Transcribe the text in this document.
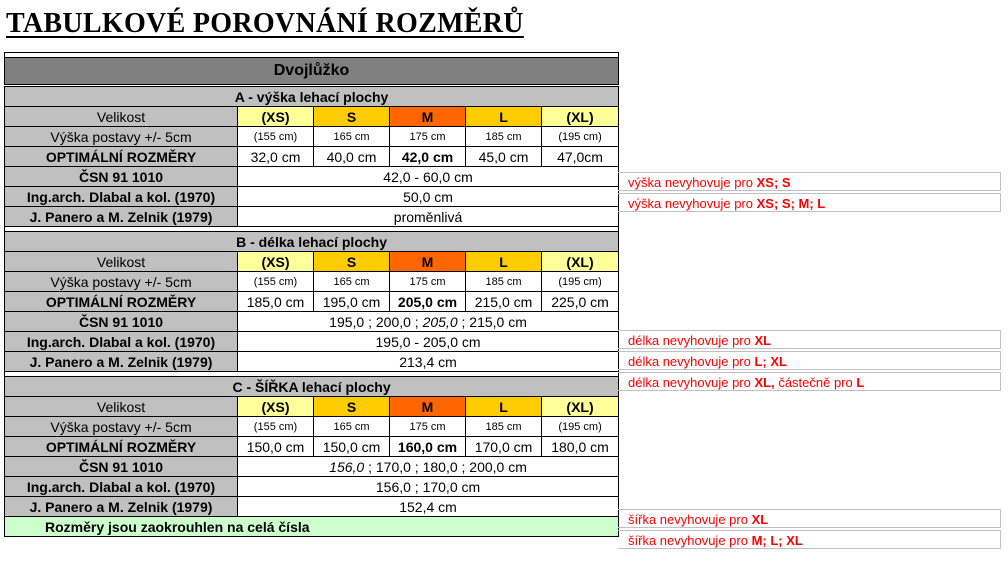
TABULKOVÉ POROVNÁNÍ ROZMĚRŮ

Dvojlůžko					
A - výška lehací plochy					
Velikost	(XS)	S	M	L	(XL)
Výška postavy +/- 5cm	(155 cm)	165 cm	175 cm	185 cm	(195 cm)
OPTIMÁLNÍ ROZMĚRY	32,0 cm	40,0 cm	42,0 cm	45,0 cm	47,0cm
ČSN 91 1010	42,0 - 60,0 cm				
Ing.arch. Dlabal a kol. (1970)	50,0 cm				
J. Panero a M. Zelnik (1979)	proměnlivá				

B - délka lehací plochy					
Velikost	(XS)	S	M	L	(XL)
Výška postavy +/- 5cm	(155 cm)	165 cm	175 cm	185 cm	(195 cm)
OPTIMÁLNÍ ROZMĚRY	185,0 cm	195,0 cm	205,0 cm	215,0 cm	225,0 cm
ČSN 91 1010	195,0 ; 200,0 ; 205,0 ; 215,0 cm				
Ing.arch. Dlabal a kol. (1970)	195,0 - 205,0 cm				
J. Panero a M. Zelnik (1979)	213,4 cm				

C - ŠÍŘKA lehací plochy					
Velikost	(XS)	S	M	L	(XL)
Výška postavy +/- 5cm	(155 cm)	165 cm	175 cm	185 cm	(195 cm)
OPTIMÁLNÍ ROZMĚRY	150,0 cm	150,0 cm	160,0 cm	170,0 cm	180,0 cm
ČSN 91 1010	156,0 ; 170,0 ; 180,0 ; 200,0 cm				
Ing.arch. Dlabal a kol. (1970)	156,0 ; 170,0 cm				
J. Panero a M. Zelnik (1979)	152,4 cm				
Rozměry jsou zaokrouhlen na celá čísla					
výška nevyhovuje pro XS; S
výška nevyhovuje pro XS; S; M; L
délka nevyhovuje pro XL
délka nevyhovuje pro L; XL
délka nevyhovuje pro XL, částečně pro L
šířka nevyhovuje pro XL
šířka nevyhovuje pro M; L; XL
